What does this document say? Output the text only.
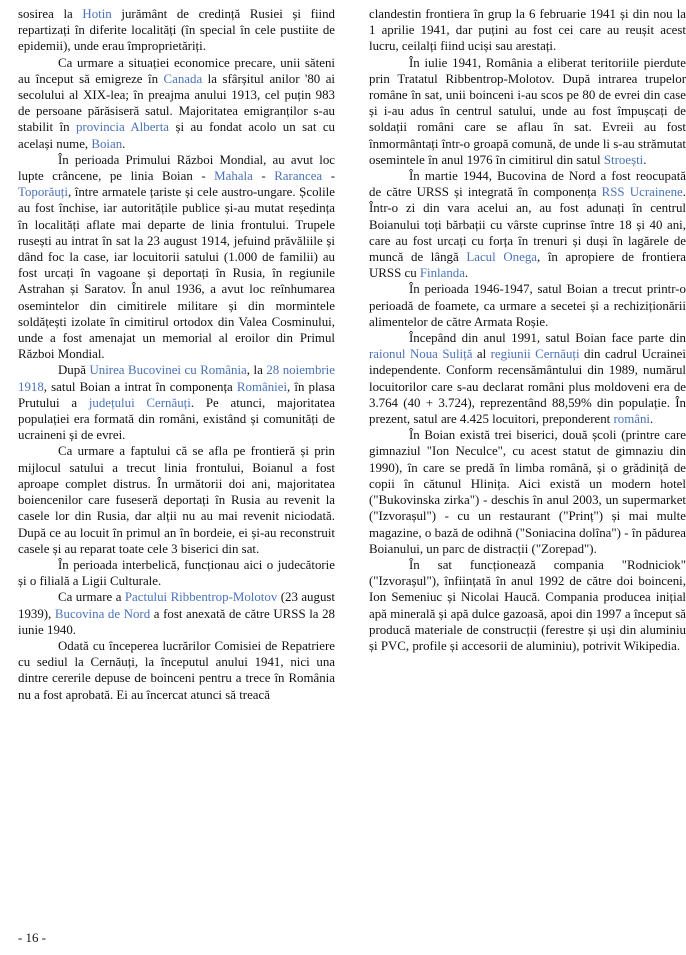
sosirea la Hotin jurământ de credință Rusiei și fiind repartizați în diferite localități (în special în cele pustiite de epidemii), unde erau împroprietăriți.

Ca urmare a situației economice precare, unii săteni au început să emigreze în Canada la sfârșitul anilor '80 ai secolului al XIX-lea; în preajma anului 1913, cel puțin 983 de persoane părăsiseră satul. Majoritatea emigranților s-au stabilit în provincia Alberta și au fondat acolo un sat cu același nume, Boian.

În perioada Primului Război Mondial, au avut loc lupte crâncene, pe linia Boian - Mahala - Rarancea - Toporăuți, între armatele țariste și cele austro-ungare. Școlile au fost închise, iar autoritățile publice și-au mutat reședința în localități aflate mai departe de linia frontului. Trupele rusești au intrat în sat la 23 august 1914, jefuind prăvăliile și dând foc la case, iar locuitorii satului (1.000 de familii) au fost urcați în vagoane și deportați în Rusia, în regiunile Astrahan și Saratov. În anul 1936, a avut loc reînhumarea osemintelor din cimitirele militare și din mormintele soldățești izolate în cimitirul ortodox din Valea Cosminului, unde a fost amenajat un memorial al eroilor din Primul Război Mondial.

După Unirea Bucovinei cu România, la 28 noiembrie 1918, satul Boian a intrat în componența României, în plasa Prutului a județului Cernăuți. Pe atunci, majoritatea populației era formată din români, existând și comunități de ucraineni și de evrei.

Ca urmare a faptului că se afla pe frontieră și prin mijlocul satului a trecut linia frontului, Boianul a fost aproape complet distrus. În următorii doi ani, majoritatea boiencenilor care fuseseră deportați în Rusia au revenit la casele lor din Rusia, dar alții nu au mai revenit niciodată. După ce au locuit în primul an în bordeie, ei și-au reconstruit casele și au reparat toate cele 3 biserici din sat.

În perioada interbelică, funcționau aici o judecătorie și o filială a Ligii Culturale.

Ca urmare a Pactului Ribbentrop-Molotov (23 august 1939), Bucovina de Nord a fost anexată de către URSS la 28 iunie 1940.

Odată cu începerea lucrărilor Comisiei de Repatriere cu sediul la Cernăuți, la începutul anului 1941, nici una dintre cererile depuse de boinceni pentru a trece în România nu a fost aprobată. Ei au încercat atunci să treacă

clandestin frontiera în grup la 6 februarie 1941 și din nou la 1 aprilie 1941, dar puțini au fost cei care au reușit acest lucru, ceilalți fiind uciși sau arestați.

În iulie 1941, România a eliberat teritoriile pierdute prin Tratatul Ribbentrop-Molotov. După intrarea trupelor române în sat, unii boinceni i-au scos pe 80 de evrei din case și i-au adus în centrul satului, unde au fost împușcați de soldații români care se aflau în sat. Evreii au fost înmormântați într-o groapă comună, de unde li s-au strămutat osemintele în anul 1976 în cimitirul din satul Stroești.

În martie 1944, Bucovina de Nord a fost reocupată de către URSS și integrată în componența RSS Ucrainene. Într-o zi din vara acelui an, au fost adunați în centrul Boianului toți bărbații cu vârste cuprinse între 18 și 40 ani, care au fost urcați cu forța în trenuri și duși în lagărele de muncă de lângă Lacul Onega, în apropiere de frontiera URSS cu Finlanda.

În perioada 1946-1947, satul Boian a trecut printr-o perioadă de foamete, ca urmare a secetei și a rechiziționării alimentelor de către Armata Roșie.

Începând din anul 1991, satul Boian face parte din raionul Noua Suliță al regiunii Cernăuți din cadrul Ucrainei independente. Conform recensământului din 1989, numărul locuitorilor care s-au declarat români plus moldoveni era de 3.764 (40 + 3.724), reprezentând 88,59% din populație. În prezent, satul are 4.425 locuitori, preponderent români.

În Boian există trei biserici, două școli (printre care gimnaziul "Ion Neculce", cu acest statut de gimnaziu din 1990), în care se predă în limba română, și o grădiniță de copii în cătunul Hlinița. Aici există un modern hotel ("Bukovinska zirka") - deschis în anul 2003, un supermarket ("Izvorașul") - cu un restaurant ("Prinț") și mai multe magazine, o bază de odihnă ("Soniacina dolîna") - în pădurea Boianului, un parc de distracții ("Zorepad").

În sat funcționează compania "Rodniciok" ("Izvorașul"), înființată în anul 1992 de către doi boinceni, Ion Semeniuc și Nicolai Haucă. Compania producea inițial apă minerală și apă dulce gazoasă, apoi din 1997 a început să producă materiale de construcții (ferestre și uși din aluminiu și PVC, profile și accesorii de aluminiu), potrivit Wikipedia.

- 16 -
